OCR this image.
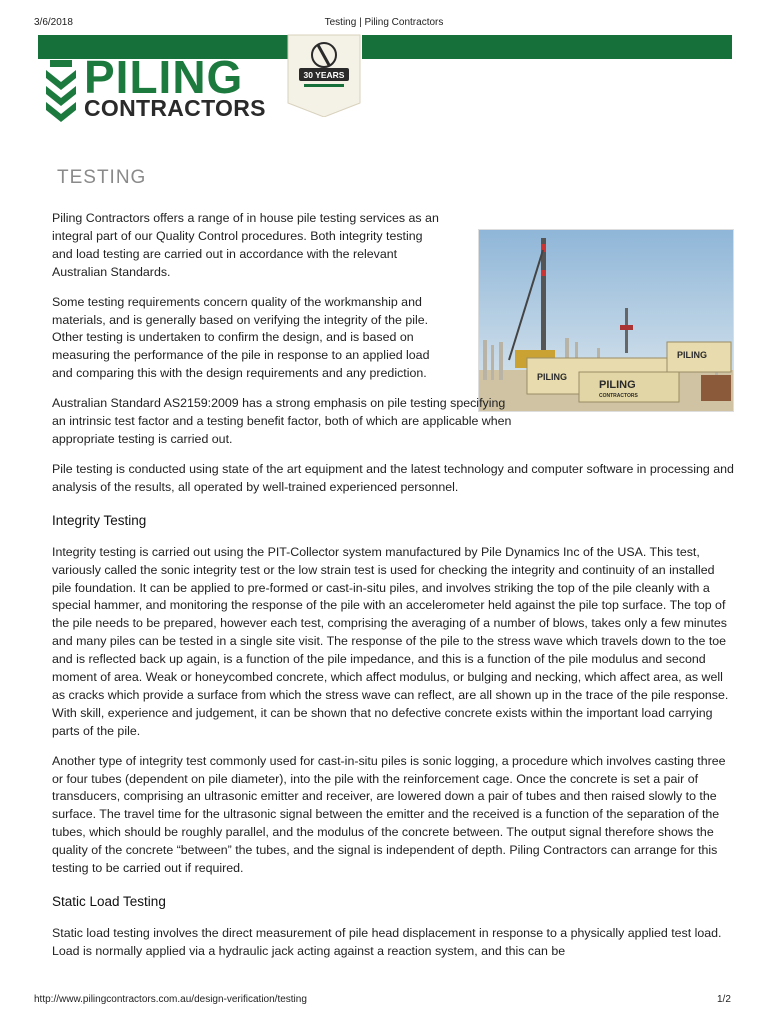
3/6/2018	Testing | Piling Contractors
30 YEARS
PILING
CONTRACTORS
TESTING
PILING
PILING
PILING
CONTRACTORS

Piling Contractors offers a range of in house pile testing services as an integral part of our Quality Control procedures. Both integrity testing and load testing are carried out in accordance with the relevant Australian Standards.

Some testing requirements concern quality of the workmanship and materials, and is generally based on verifying the integrity of the pile. Other testing is undertaken to confirm the design, and is based on measuring the performance of the pile in response to an applied load and comparing this with the design requirements and any prediction.

Australian Standard AS2159:2009 has a strong emphasis on pile testing specifying an intrinsic test factor and a testing benefit factor, both of which are applicable when appropriate testing is carried out.

Pile testing is conducted using state of the art equipment and the latest technology and computer software in processing and analysis of the results, all operated by well-trained experienced personnel.

Integrity Testing

Integrity testing is carried out using the PIT-Collector system manufactured by Pile Dynamics Inc of the USA. This test, variously called the sonic integrity test or the low strain test is used for checking the integrity and continuity of an installed pile foundation. It can be applied to pre-formed or cast-in-situ piles, and involves striking the top of the pile cleanly with a special hammer, and monitoring the response of the pile with an accelerometer held against the pile top surface. The top of the pile needs to be prepared, however each test, comprising the averaging of a number of blows, takes only a few minutes and many piles can be tested in a single site visit. The response of the pile to the stress wave which travels down to the toe and is reflected back up again, is a function of the pile impedance, and this is a function of the pile modulus and second moment of area. Weak or honeycombed concrete, which affect modulus, or bulging and necking, which affect area, as well as cracks which provide a surface from which the stress wave can reflect, are all shown up in the trace of the pile response. With skill, experience and judgement, it can be shown that no defective concrete exists within the important load carrying parts of the pile.

Another type of integrity test commonly used for cast-in-situ piles is sonic logging, a procedure which involves casting three or four tubes (dependent on pile diameter), into the pile with the reinforcement cage. Once the concrete is set a pair of transducers, comprising an ultrasonic emitter and receiver, are lowered down a pair of tubes and then raised slowly to the surface. The travel time for the ultrasonic signal between the emitter and the received is a function of the separation of the tubes, which should be roughly parallel, and the modulus of the concrete between. The output signal therefore shows the quality of the concrete “between” the tubes, and the signal is independent of depth. Piling Contractors can arrange for this testing to be carried out if required.

Static Load Testing

Static load testing involves the direct measurement of pile head displacement in response to a physically applied test load. Load is normally applied via a hydraulic jack acting against a reaction system, and this can be

http://www.pilingcontractors.com.au/design-verification/testing	1/2
